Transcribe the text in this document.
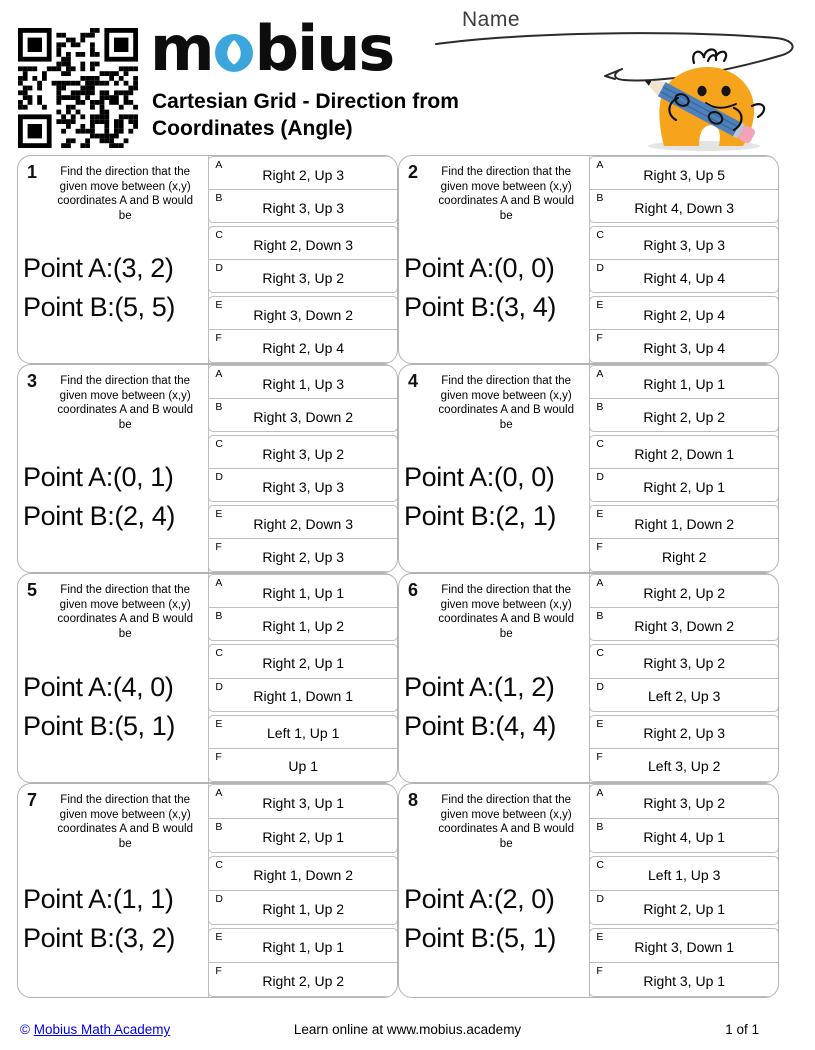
m bius
Cartesian Grid - Direction from
Coordinates (Angle)
Name
1	Find the direction that the given move between (x,y) coordinates A and B would be
Point A:(3, 2)
Point B:(5, 5)
A
Right 2, Up 3
B
Right 3, Up 3
C
Right 2, Down 3
D
Right 3, Up 2
E
Right 3, Down 2
F
Right 2, Up 4
2	Find the direction that the given move between (x,y) coordinates A and B would be
Point A:(0, 0)
Point B:(3, 4)
A
Right 3, Up 5
B
Right 4, Down 3
C
Right 3, Up 3
D
Right 4, Up 4
E
Right 2, Up 4
F
Right 3, Up 4
3	Find the direction that the given move between (x,y) coordinates A and B would be
Point A:(0, 1)
Point B:(2, 4)
A
Right 1, Up 3
B
Right 3, Down 2
C
Right 3, Up 2
D
Right 3, Up 3
E
Right 2, Down 3
F
Right 2, Up 3
4	Find the direction that the given move between (x,y) coordinates A and B would be
Point A:(0, 0)
Point B:(2, 1)
A
Right 1, Up 1
B
Right 2, Up 2
C
Right 2, Down 1
D
Right 2, Up 1
E
Right 1, Down 2
F
Right 2
5	Find the direction that the given move between (x,y) coordinates A and B would be
Point A:(4, 0)
Point B:(5, 1)
A
Right 1, Up 1
B
Right 1, Up 2
C
Right 2, Up 1
D
Right 1, Down 1
E
Left 1, Up 1
F
Up 1
6	Find the direction that the given move between (x,y) coordinates A and B would be
Point A:(1, 2)
Point B:(4, 4)
A
Right 2, Up 2
B
Right 3, Down 2
C
Right 3, Up 2
D
Left 2, Up 3
E
Right 2, Up 3
F
Left 3, Up 2
7	Find the direction that the given move between (x,y) coordinates A and B would be
Point A:(1, 1)
Point B:(3, 2)
A
Right 3, Up 1
B
Right 2, Up 1
C
Right 1, Down 2
D
Right 1, Up 2
E
Right 1, Up 1
F
Right 2, Up 2
8	Find the direction that the given move between (x,y) coordinates A and B would be
Point A:(2, 0)
Point B:(5, 1)
A
Right 3, Up 2
B
Right 4, Up 1
C
Left 1, Up 3
D
Right 2, Up 1
E
Right 3, Down 1
F
Right 3, Up 1
© Mobius Math Academy	Learn online at www.mobius.academy	1 of 1
